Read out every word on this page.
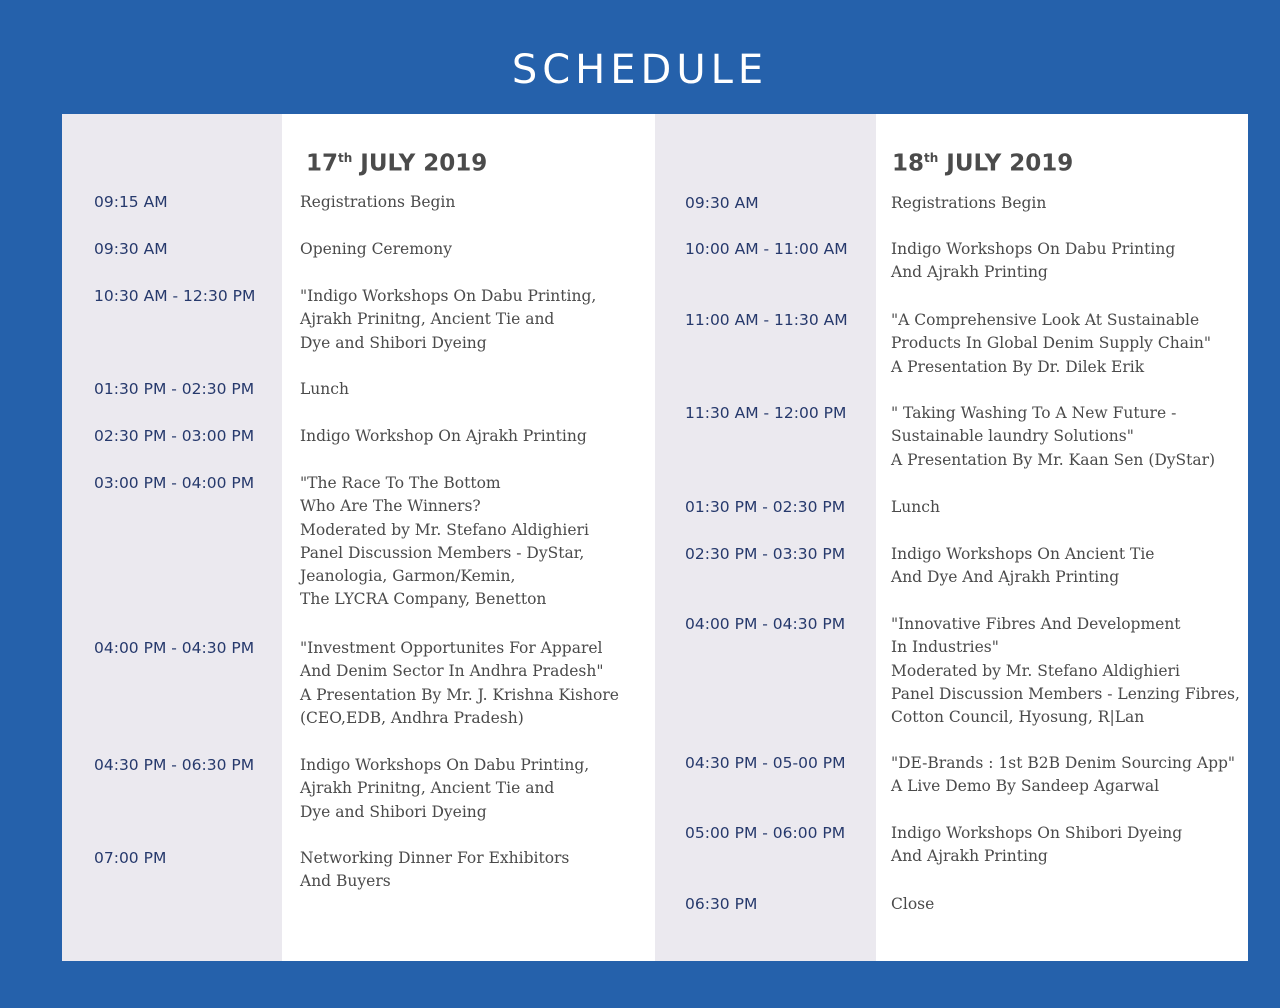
SCHEDULE
17th JULY 2019	18th JULY 2019
09:15 AM	Registrations Begin
09:30 AM	Opening Ceremony
10:30 AM - 12:30 PM	"Indigo Workshops On Dabu Printing,
Ajrakh Prinitng, Ancient Tie and
Dye and Shibori Dyeing
01:30 PM - 02:30 PM	Lunch
02:30 PM - 03:00 PM	Indigo Workshop On Ajrakh Printing
03:00 PM - 04:00 PM	"The Race To The Bottom
Who Are The Winners?
Moderated by Mr. Stefano Aldighieri
Panel Discussion Members - DyStar,
Jeanologia, Garmon/Kemin,
The LYCRA Company, Benetton
04:00 PM - 04:30 PM	"Investment Opportunites For Apparel
And Denim Sector In Andhra Pradesh"
A Presentation By Mr. J. Krishna Kishore
(CEO,EDB, Andhra Pradesh)
04:30 PM - 06:30 PM	Indigo Workshops On Dabu Printing,
Ajrakh Prinitng, Ancient Tie and
Dye and Shibori Dyeing
07:00 PM	Networking Dinner For Exhibitors
And Buyers
09:30 AM	Registrations Begin
10:00 AM - 11:00 AM	Indigo Workshops On Dabu Printing
And Ajrakh Printing
11:00 AM - 11:30 AM	"A Comprehensive Look At Sustainable
Products In Global Denim Supply Chain"
A Presentation By Dr. Dilek Erik
11:30 AM - 12:00 PM	" Taking Washing To A New Future -
Sustainable laundry Solutions"
A Presentation By Mr. Kaan Sen (DyStar)
01:30 PM - 02:30 PM	Lunch
02:30 PM - 03:30 PM	Indigo Workshops On Ancient Tie
And Dye And Ajrakh Printing
04:00 PM - 04:30 PM	"Innovative Fibres And Development
In Industries"
Moderated by Mr. Stefano Aldighieri
Panel Discussion Members - Lenzing Fibres,
Cotton Council, Hyosung, R|Lan
04:30 PM - 05-00 PM	"DE-Brands : 1st B2B Denim Sourcing App"
A Live Demo By Sandeep Agarwal
05:00 PM - 06:00 PM	Indigo Workshops On Shibori Dyeing
And Ajrakh Printing
06:30 PM	Close
